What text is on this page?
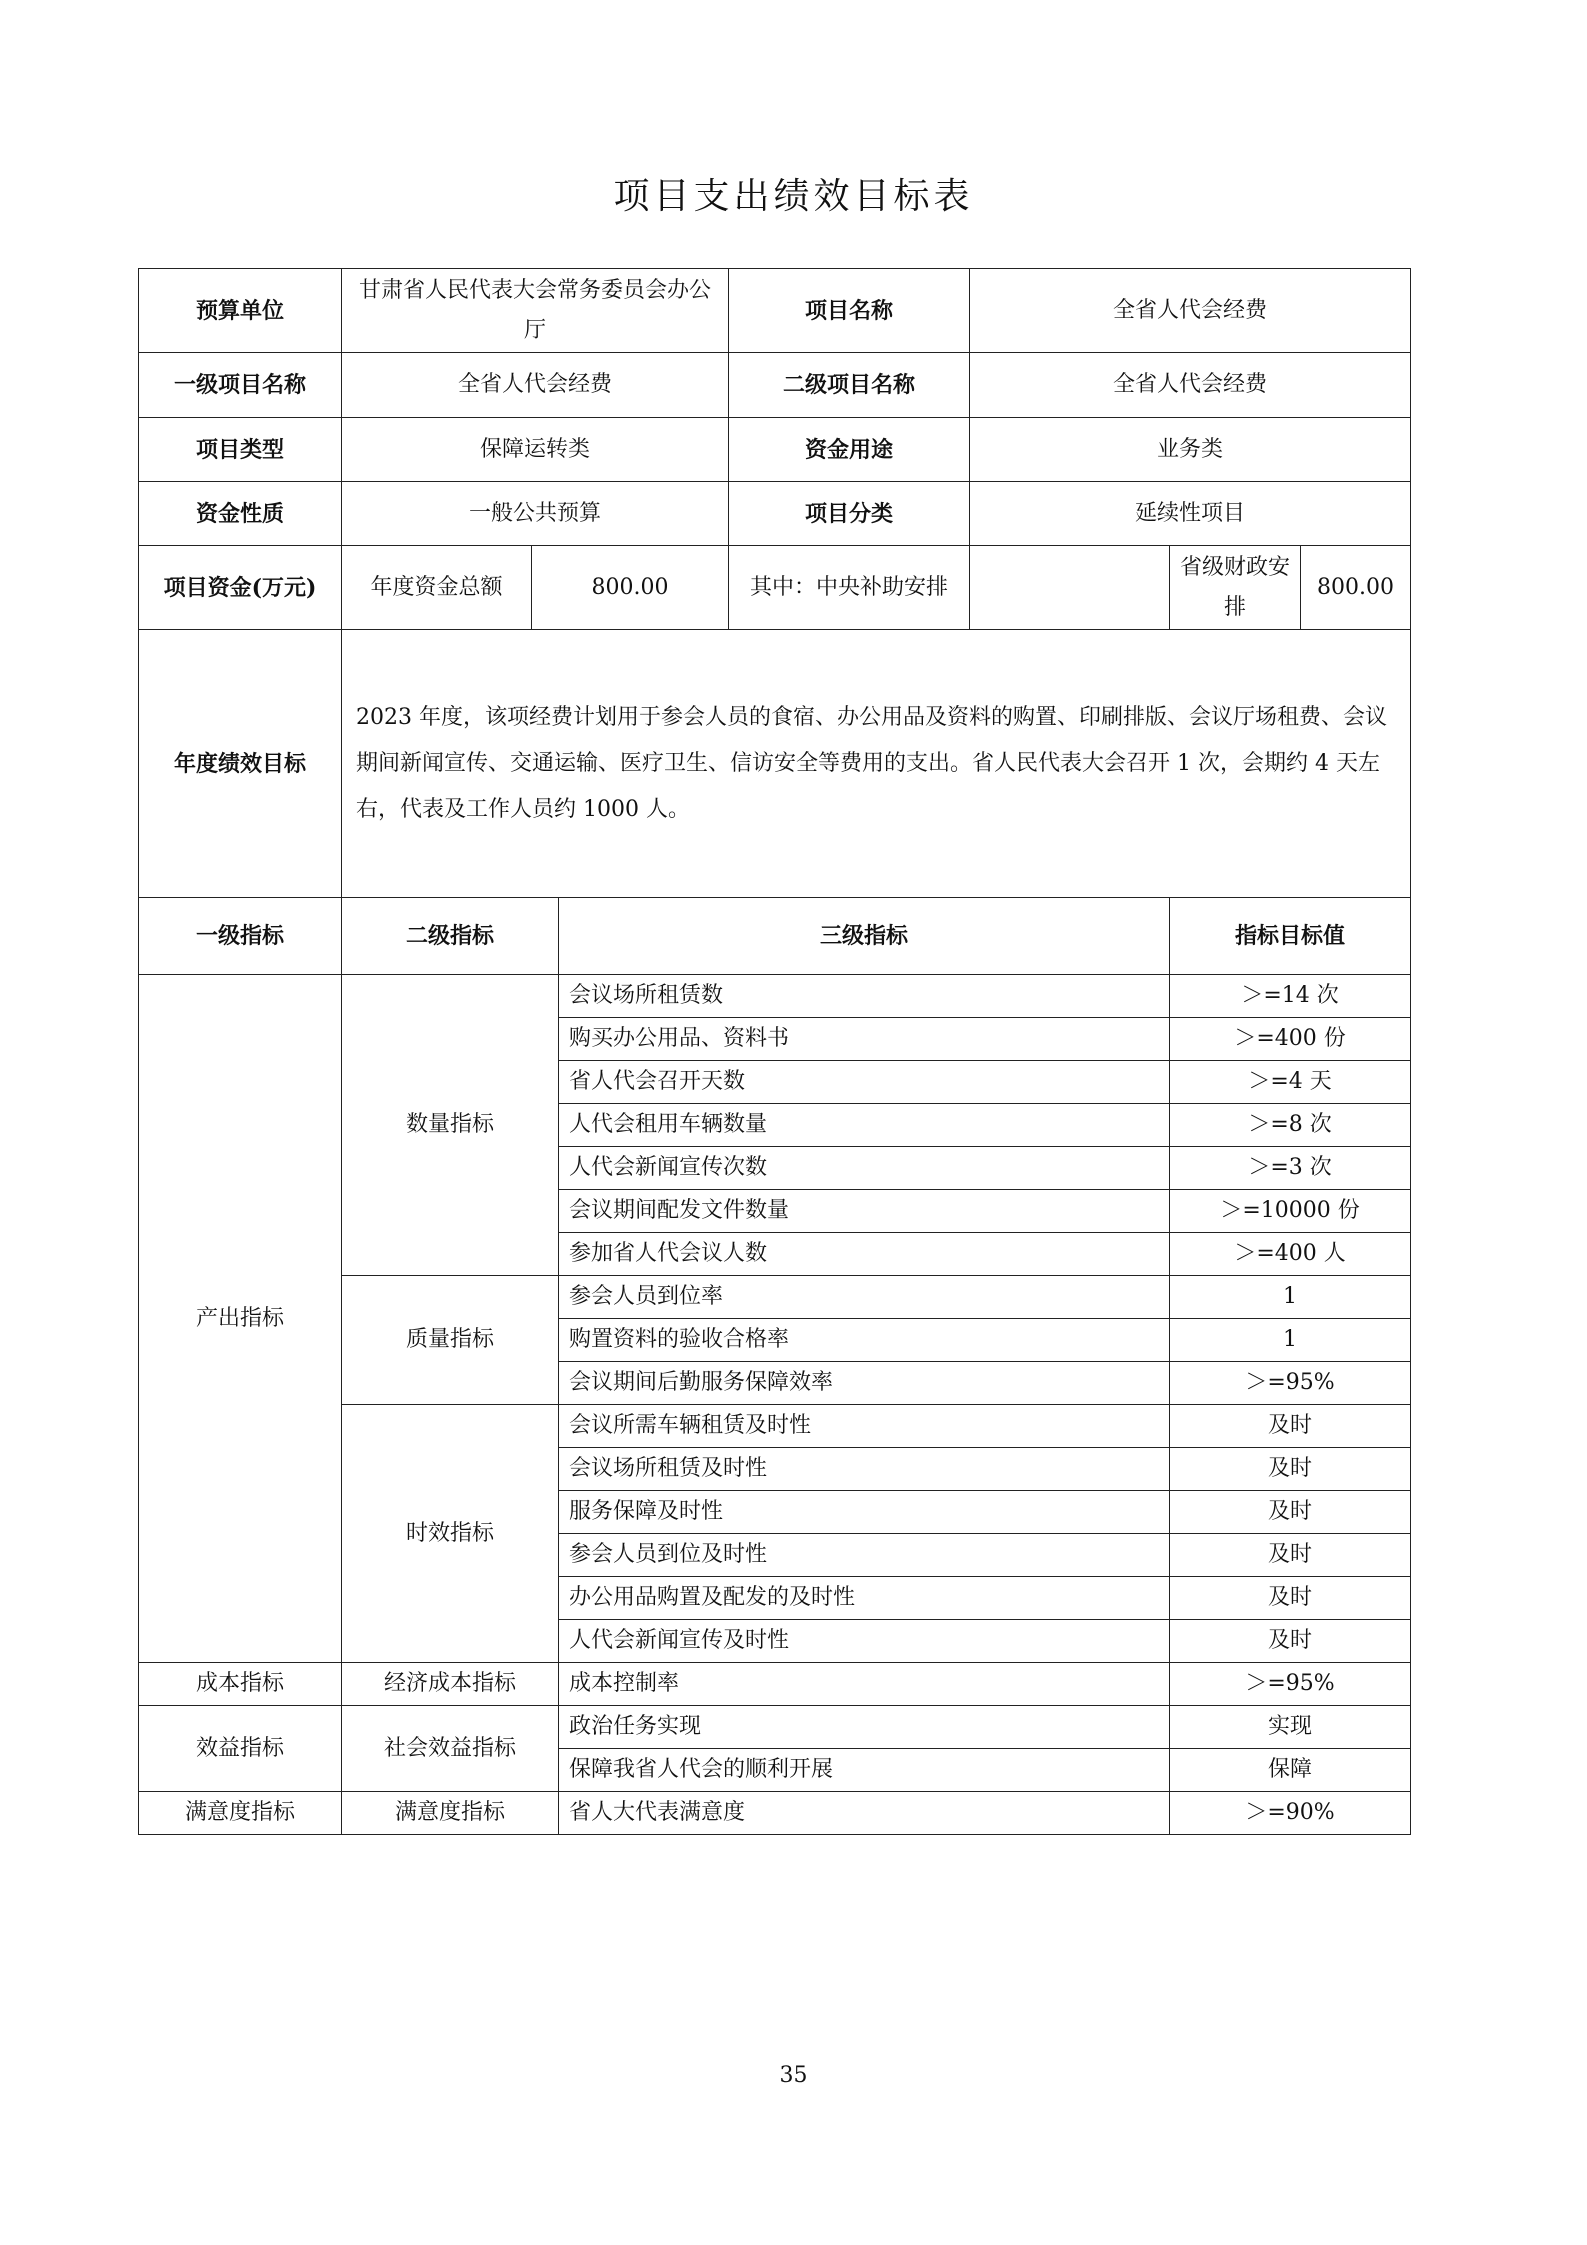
项目支出绩效目标表
预算单位	甘肃省人民代表大会常务委员会办公厅			项目名称	全省人代会经费		
一级项目名称	全省人代会经费			二级项目名称	全省人代会经费		
项目类型	保障运转类			资金用途	业务类		
资金性质	一般公共预算			项目分类	延续性项目		
项目资金(万元)	年度资金总额	800.00		其中：中央补助安排		省级财政安排	800.00
年度绩效目标	2023 年度，该项经费计划用于参会人员的食宿、办公用品及资料的购置、印刷排版、会议厅场租费、会议期间新闻宣传、交通运输、医疗卫生、信访安全等费用的支出。省人民代表大会召开 1 次，会期约 4 天左右，代表及工作人员约 1000 人。						
一级指标	二级指标		三级指标			指标目标值	
产出指标	数量指标		会议场所租赁数			＞=14 次	
			购买办公用品、资料书			＞=400 份	
			省人代会召开天数			＞=4 天	
			人代会租用车辆数量			＞=8 次	
			人代会新闻宣传次数			＞=3 次	
			会议期间配发文件数量			＞=10000 份	
			参加省人代会议人数			＞=400 人	
	质量指标		参会人员到位率			1	
			购置资料的验收合格率			1	
			会议期间后勤服务保障效率			＞=95%	
	时效指标		会议所需车辆租赁及时性			及时	
			会议场所租赁及时性			及时	
			服务保障及时性			及时	
			参会人员到位及时性			及时	
			办公用品购置及配发的及时性			及时	
			人代会新闻宣传及时性			及时	
成本指标	经济成本指标		成本控制率			＞=95%	
效益指标	社会效益指标		政治任务实现			实现	
			保障我省人代会的顺利开展			保障	
满意度指标	满意度指标		省人大代表满意度			＞=90%	
35
